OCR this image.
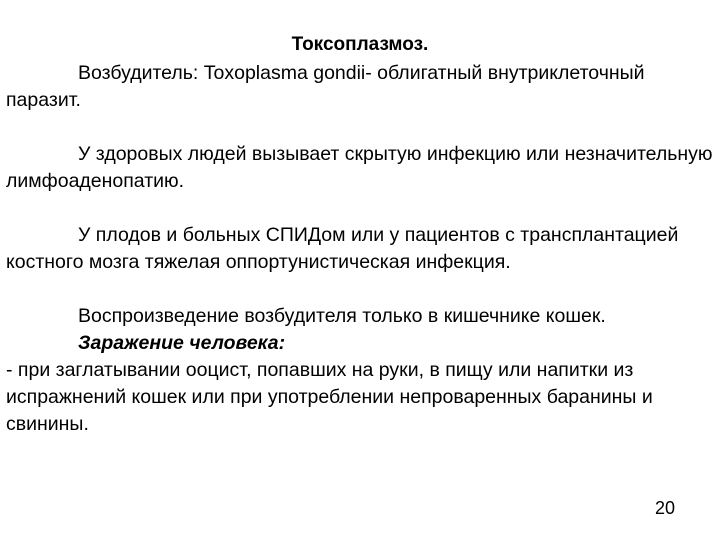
Токсоплазмоз.

Возбудитель: Toxoplasma gondii- облигатный внутриклеточный паразит.

У здоровых людей вызывает скрытую инфекцию или незначительную лимфоаденопатию.

У плодов и больных СПИДом или у пациентов с трансплантацией костного мозга тяжелая оппортунистическая инфекция.

Воспроизведение возбудителя только в кишечнике кошек.

Заражение человека:

- при заглатывании ооцист, попавших на руки, в пищу или напитки из испражнений кошек или при употреблении непроваренных баранины и свинины.

20
